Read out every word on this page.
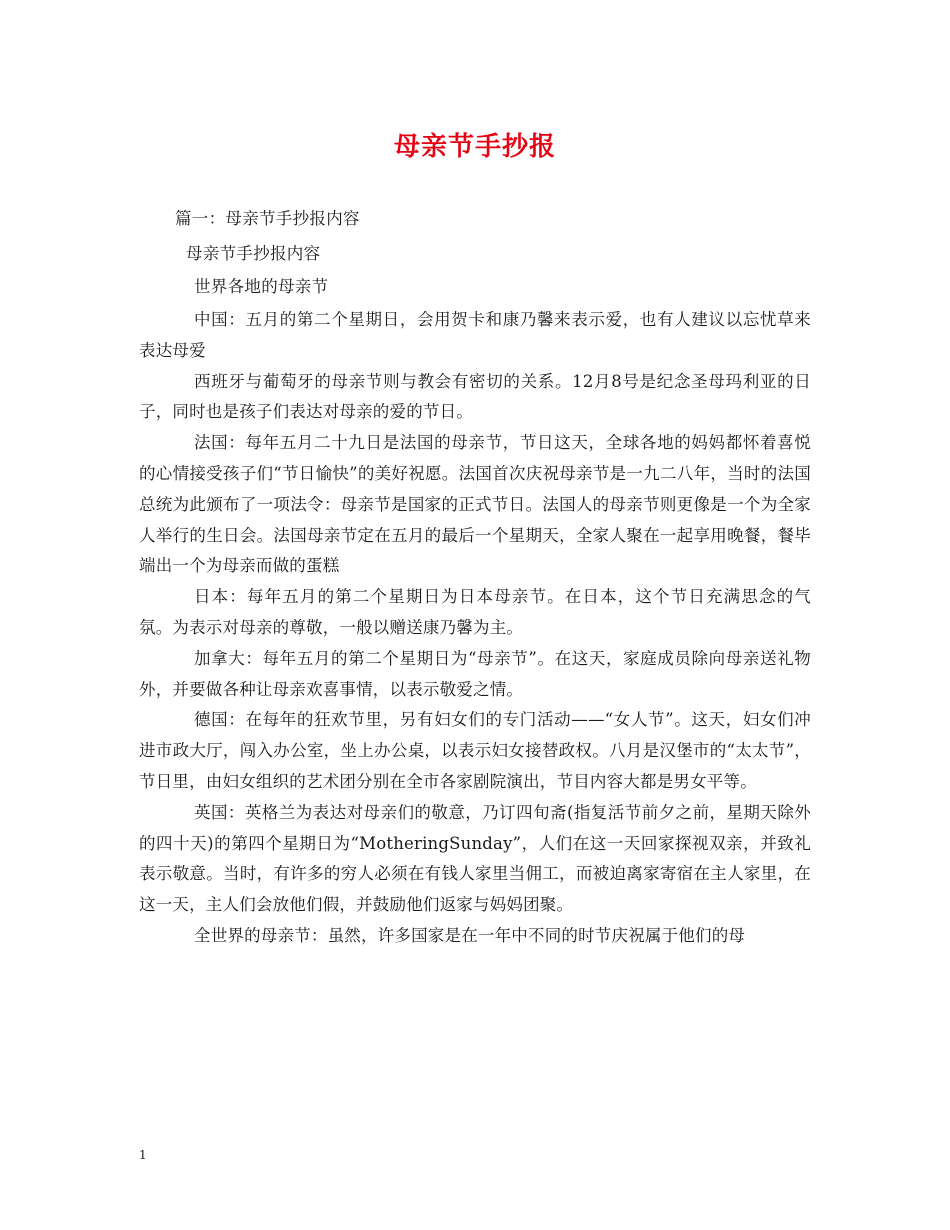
母亲节手抄报
篇一：母亲节手抄报内容
母亲节手抄报内容
世界各地的母亲节

中国：五月的第二个星期日，会用贺卡和康乃馨来表示爱，也有人建议以忘忧草来表达母爱

西班牙与葡萄牙的母亲节则与教会有密切的关系。12月8号是纪念圣母玛利亚的日子，同时也是孩子们表达对母亲的爱的节日。

法国：每年五月二十九日是法国的母亲节，节日这天，全球各地的妈妈都怀着喜悦的心情接受孩子们“节日愉快”的美好祝愿。法国首次庆祝母亲节是一九二八年，当时的法国总统为此颁布了一项法令：母亲节是国家的正式节日。法国人的母亲节则更像是一个为全家人举行的生日会。法国母亲节定在五月的最后一个星期天，全家人聚在一起享用晚餐，餐毕端出一个为母亲而做的蛋糕

日本：每年五月的第二个星期日为日本母亲节。在日本，这个节日充满思念的气氛。为表示对母亲的尊敬，一般以赠送康乃馨为主。

加拿大：每年五月的第二个星期日为“母亲节”。在这天，家庭成员除向母亲送礼物外，并要做各种让母亲欢喜事情，以表示敬爱之情。

德国：在每年的狂欢节里，另有妇女们的专门活动——“女人节”。这天，妇女们冲进市政大厅，闯入办公室，坐上办公桌，以表示妇女接替政权。八月是汉堡市的“太太节”，节日里，由妇女组织的艺术团分别在全市各家剧院演出，节目内容大都是男女平等。

英国：英格兰为表达对母亲们的敬意，乃订四旬斋(指复活节前夕之前，星期天除外的四十天)的第四个星期日为“MotheringSunday”，人们在这一天回家探视双亲，并致礼表示敬意。当时，有许多的穷人必须在有钱人家里当佣工，而被迫离家寄宿在主人家里，在这一天，主人们会放他们假，并鼓励他们返家与妈妈团聚。

全世界的母亲节：虽然，许多国家是在一年中不同的时节庆祝属于他们的母

1
